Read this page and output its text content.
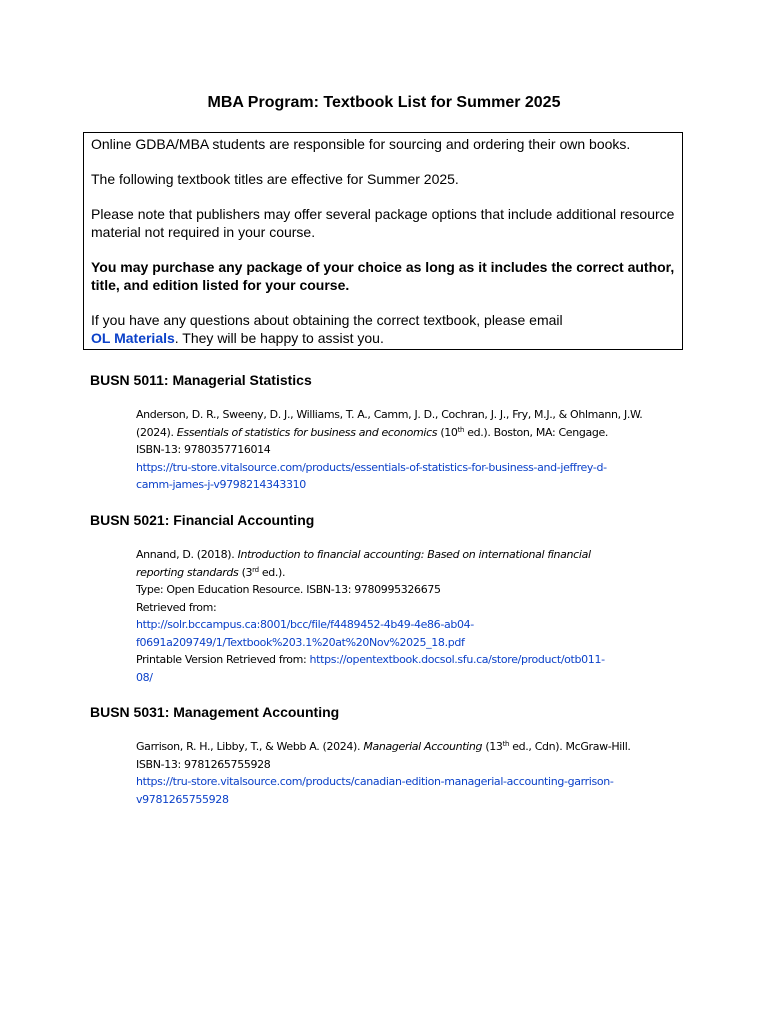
MBA Program: Textbook List for Summer 2025

Online GDBA/MBA students are responsible for sourcing and ordering their own books.

The following textbook titles are effective for Summer 2025.

Please note that publishers may offer several package options that include additional resource material not required in your course.

You may purchase any package of your choice as long as it includes the correct author, title, and edition listed for your course.

If you have any questions about obtaining the correct textbook, please email
OL Materials. They will be happy to assist you.

BUSN 5011: Managerial Statistics
Anderson, D. R., Sweeny, D. J., Williams, T. A., Camm, J. D., Cochran, J. J., Fry, M.J., & Ohlmann, J.W. (2024). Essentials of statistics for business and economics (10th ed.). Boston, MA: Cengage.
ISBN-13: 9780357716014
https://tru-store.vitalsource.com/products/essentials-of-statistics-for-business-and-jeffrey-d-
camm-james-j-v9798214343310
BUSN 5021: Financial Accounting
Annand, D. (2018). Introduction to financial accounting: Based on international financial
reporting standards (3rd ed.).
Type: Open Education Resource. ISBN-13: 9780995326675
Retrieved from:
http://solr.bccampus.ca:8001/bcc/file/f4489452-4b49-4e86-ab04-
f0691a209749/1/Textbook%203.1%20at%20Nov%2025_18.pdf
Printable Version Retrieved from: https://opentextbook.docsol.sfu.ca/store/product/otb011-
08/
BUSN 5031: Management Accounting
Garrison, R. H., Libby, T., & Webb A. (2024). Managerial Accounting (13th ed., Cdn). McGraw-Hill.
ISBN-13: 9781265755928
https://tru-store.vitalsource.com/products/canadian-edition-managerial-accounting-garrison-
v9781265755928
